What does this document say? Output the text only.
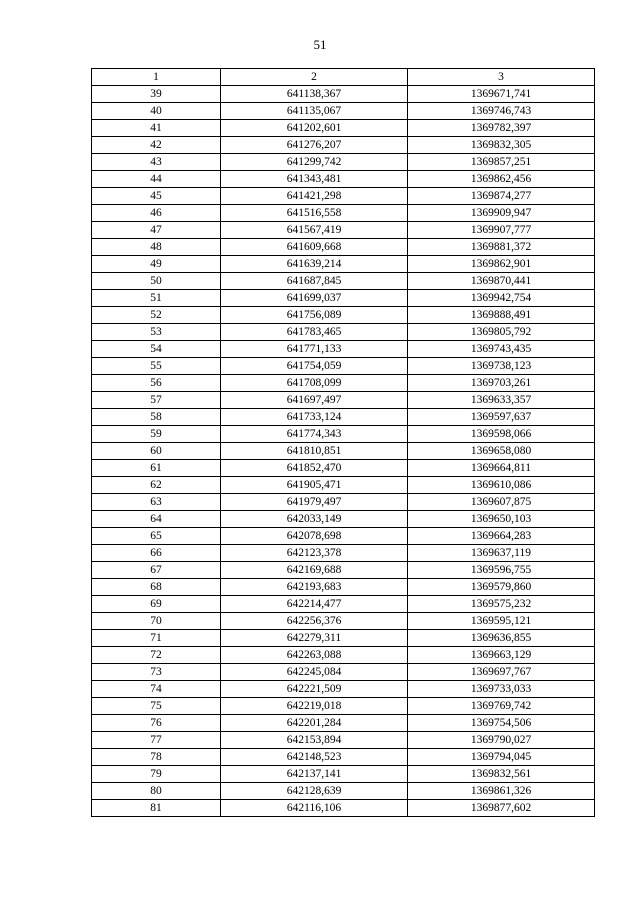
51
1	2	3
39	641138,367	1369671,741
40	641135,067	1369746,743
41	641202,601	1369782,397
42	641276,207	1369832,305
43	641299,742	1369857,251
44	641343,481	1369862,456
45	641421,298	1369874,277
46	641516,558	1369909,947
47	641567,419	1369907,777
48	641609,668	1369881,372
49	641639,214	1369862,901
50	641687,845	1369870,441
51	641699,037	1369942,754
52	641756,089	1369888,491
53	641783,465	1369805,792
54	641771,133	1369743,435
55	641754,059	1369738,123
56	641708,099	1369703,261
57	641697,497	1369633,357
58	641733,124	1369597,637
59	641774,343	1369598,066
60	641810,851	1369658,080
61	641852,470	1369664,811
62	641905,471	1369610,086
63	641979,497	1369607,875
64	642033,149	1369650,103
65	642078,698	1369664,283
66	642123,378	1369637,119
67	642169,688	1369596,755
68	642193,683	1369579,860
69	642214,477	1369575,232
70	642256,376	1369595,121
71	642279,311	1369636,855
72	642263,088	1369663,129
73	642245,084	1369697,767
74	642221,509	1369733,033
75	642219,018	1369769,742
76	642201,284	1369754,506
77	642153,894	1369790,027
78	642148,523	1369794,045
79	642137,141	1369832,561
80	642128,639	1369861,326
81	642116,106	1369877,602
